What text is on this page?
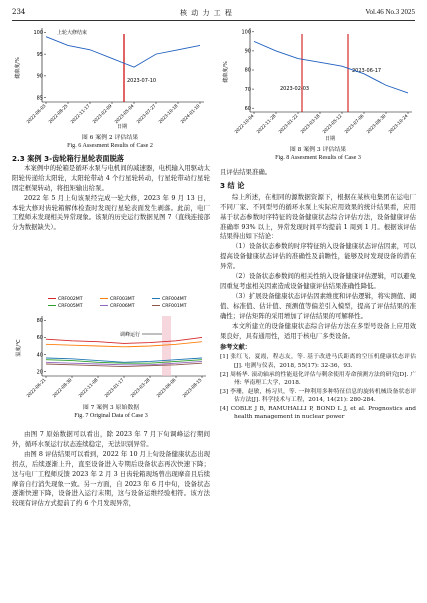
234	核 动 力 工 程	Vol.46 No.3 2025
健康度/%
上轮大修结束
2023-07-10
100
95
90
85
2022-06-03 2022-08-25 2022-11-17 2023-02-09 2023-05-04 2023-07-27 2023-10-18 2024-01-10
日期

图 6 案例 2 评估结果

Fig. 6 Assesment Results of Case 2

健康度/%
2023-02-03
2023-06-17
100
90
80
70
60
2022-10-04 2022-11-28 2023-01-22 2023-03-18 2023-05-12 2023-07-06 2023-08-30 2023-10-24
日期

图 8 案例 3 评估结果

Fig. 8 Assesment Results of Case 3

2.3 案例 3-齿轮箱行星轮表面脱落

本案例中的轮箱是循环水泵与电机间的减速器，电机输入用驱动太阳轮传递给太阳轮，太阳轮带动 4 个行星轮转动，行星轮带动行星轮固定框架转动，将扭矩输出给泵。

2022 年 5 月上旬该泵经完成一轮大修，2023 年 9 月 13 日，本轮大修对齿轮箱解体检查时发现行星轮表面发生剥落。此前，电厂工程师未发现相关异常现象。该泵的历史运行数据见图 7（直线连接部分为数据缺失）。

温度/℃
调峰运行
CRF002MT	CRF003MT	CRF004MT
CRF005MT	CRF006MT	CRF001MT
80
60
40
20
2022-06-21 2022-08-30 2022-11-08 2023-01-17 2023-03-28 2023-06-06 2023-08-15

图 7 案例 3 原始数据

Fig. 7 Original Data of Case 3

由图 7 原始数据可以看出，除 2023 年 7 月下旬调峰运行期间外，循环水泵运行状态连续稳定，无法识别异常。

由图 8 评估结果可以看到，2022 年 10 月上旬设备健康状态出现拐点，后续逐渐上升，直至设备进入专期后设备状态再次快速下降；这与电厂工程师反馈 2023 年 2 月 3 日齿轮箱现场曾出现摩音且后续摩音自行消失现象一致。另一方面，自 2023 年 6 月中旬，设备状态逐渐快速下降，设备进入运行末期，这与设备运维经验相符。该方法较现有评估方式提前了约 6 个月发现异常，

且评估结果准确。

3 结 论

综上所述，在相同的源数据资源下，根据在某核电集团在运电厂不同厂家、不同型号的循环水泵上实际应用效果的统计结果看，应用基于状态参数时序特征的设备健康状态综合评估方法，设备健康评估准确率 93% 以上，异常发现时间平均提前 1 周到 1 月。根据该评估结果得出如下结论：

（1）设备状态参数的时序特征纳入设备健康状态评估因素，可以提高设备健康状态评估的准确性及前瞻性，能够及时发现设备的潜在异常。

（2）设备状态参数间的相关性纳入设备健康评估逻辑，可以避免因重复考虑相关因素造成设备健康评估结果准确性降低。

（3）扩展设备健康状态评估因素维度和评估逻辑，将实测值、阈值、标准值、估计值、预测值等偏差引入模型，提高了评估结果的准确性；评估矩阵的采用增加了评估结果的可解释性。

本文所建立的设备健康状态综合评估方法在多型号设备上应用效果良好，具有通用性，适用于核电厂多类设备。

参考文献：

[1] 张红飞，夏霞，程志友，等. 基于改进马氏距离的空压机健康状态评估[J]. 电测与仪表，2018, 55(17): 32-36，93.

[2] 周杨华. 滚动轴承的性能退化评估与剩余使用寿命预测方法的研究[D]. 广州: 华南理工大学，2018.

[3] 李珊，赵敏，杨习贝，等. 一种利用多种特征信息的旋转机械设备状态评估方法[J]. 科学技术与工程，2014, 14(21): 280-284.

[4] COBLE J B, RAMUHALLI P, BOND L J, et al. Prognostics and health management in nuclear power
